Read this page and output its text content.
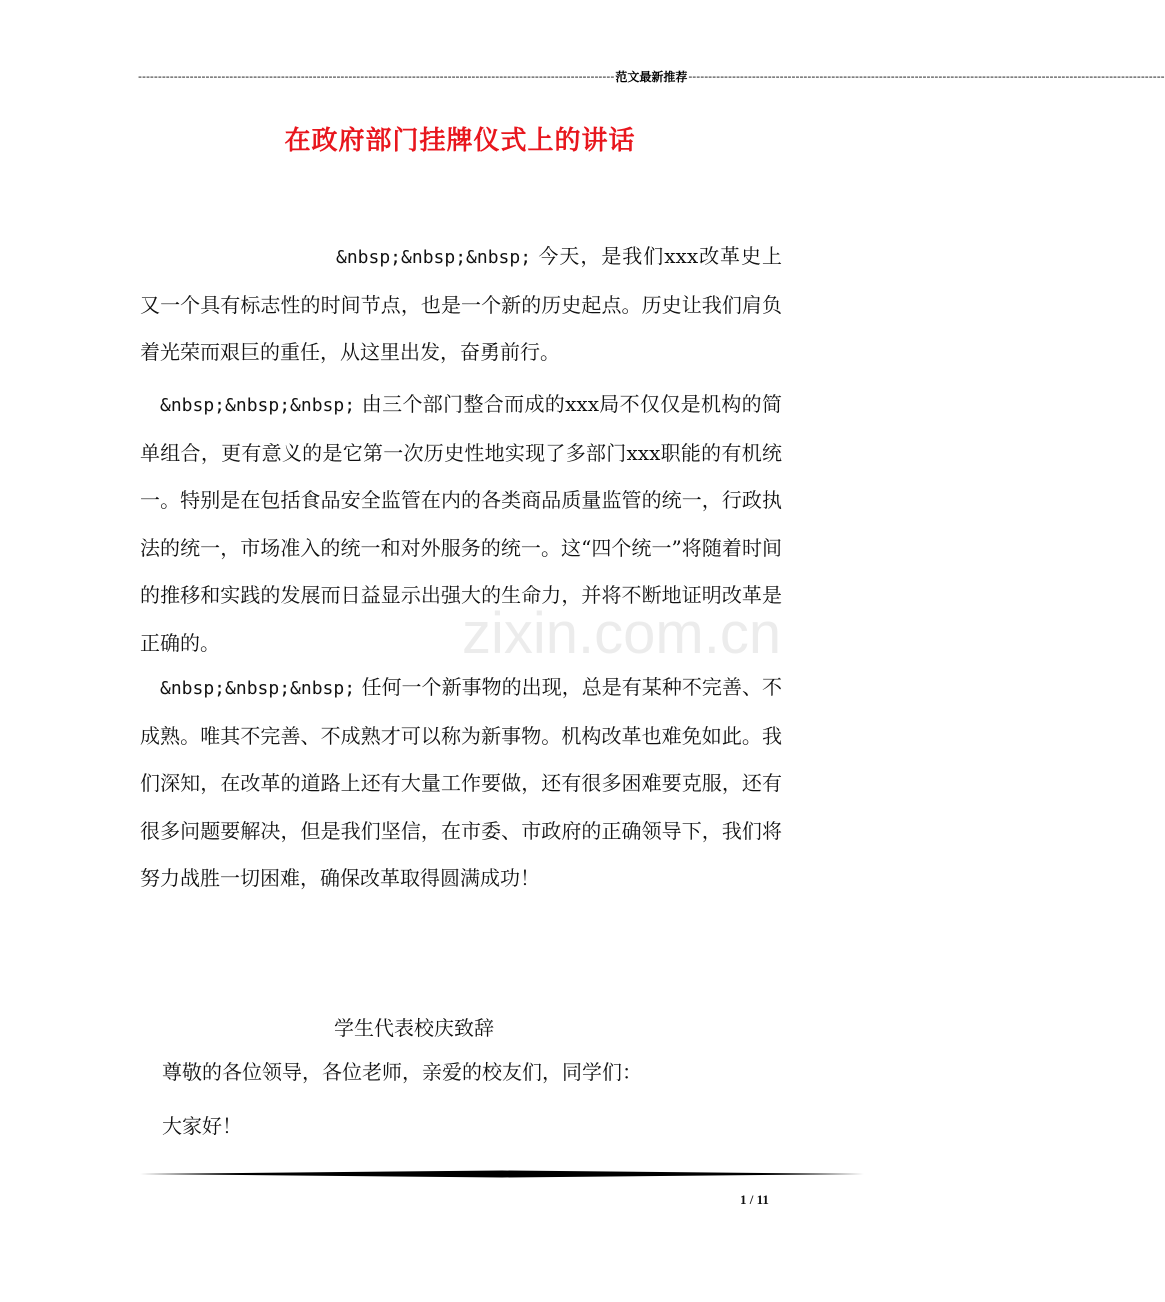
------------------------------------------------------------------------------------------------------------------------ 范文最新推荐 ------------------------------------------------------------------------------------------------------------------------
在政府部门挂牌仪式上的讲话
zixin.com.cn

&nbsp;&nbsp;&nbsp; 今天，是我们xxx改革史上又一个具有标志性的时间节点，也是一个新的历史起点。历史让我们肩负着光荣而艰巨的重任，从这里出发，奋勇前行。

&nbsp;&nbsp;&nbsp; 由三个部门整合而成的xxx局不仅仅是机构的简单组合，更有意义的是它第一次历史性地实现了多部门xxx职能的有机统一。特别是在包括食品安全监管在内的各类商品质量监管的统一，行政执法的统一，市场准入的统一和对外服务的统一。这“四个统一”将随着时间的推移和实践的发展而日益显示出强大的生命力，并将不断地证明改革是正确的。

&nbsp;&nbsp;&nbsp; 任何一个新事物的出现，总是有某种不完善、不成熟。唯其不完善、不成熟才可以称为新事物。机构改革也难免如此。我们深知，在改革的道路上还有大量工作要做，还有很多困难要克服，还有很多问题要解决，但是我们坚信，在市委、市政府的正确领导下，我们将努力战胜一切困难，确保改革取得圆满成功！

学生代表校庆致辞
尊敬的各位领导，各位老师，亲爱的校友们，同学们：
大家好！
1 / 11
